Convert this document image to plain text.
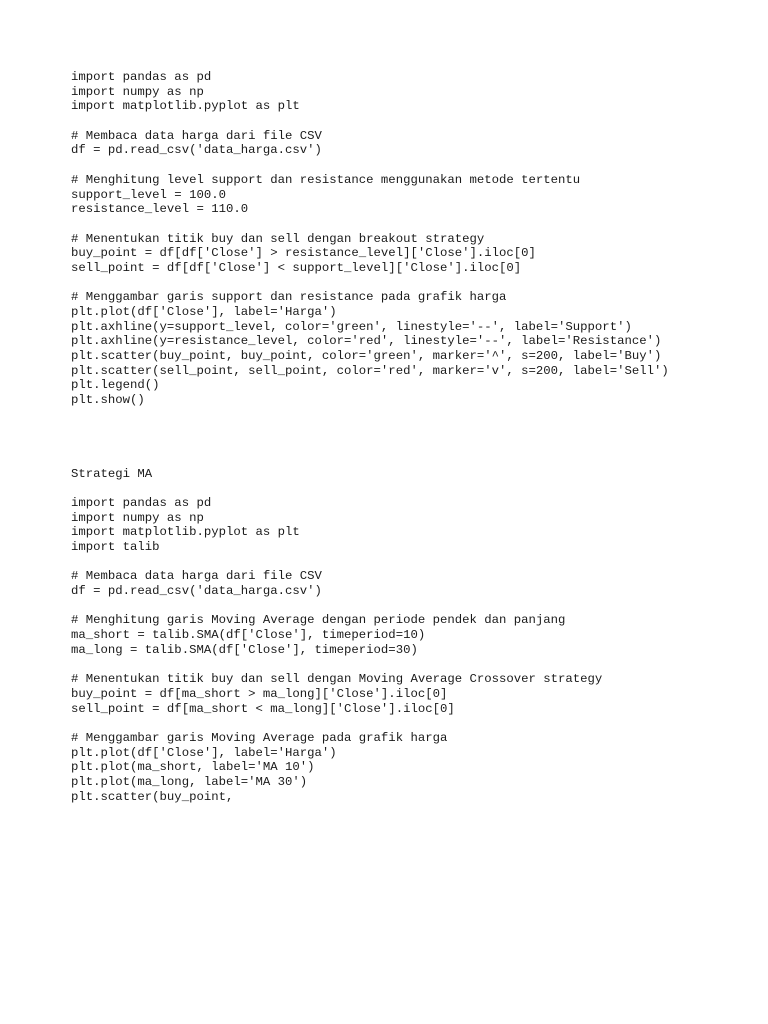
import pandas as pd
import numpy as np
import matplotlib.pyplot as plt
# Membaca data harga dari file CSV
df = pd.read_csv('data_harga.csv')
# Menghitung level support dan resistance menggunakan metode tertentu
support_level = 100.0
resistance_level = 110.0
# Menentukan titik buy dan sell dengan breakout strategy
buy_point = df[df['Close'] > resistance_level]['Close'].iloc[0]
sell_point = df[df['Close'] < support_level]['Close'].iloc[0]
# Menggambar garis support dan resistance pada grafik harga
plt.plot(df['Close'], label='Harga')
plt.axhline(y=support_level, color='green', linestyle='--', label='Support')
plt.axhline(y=resistance_level, color='red', linestyle='--', label='Resistance')
plt.scatter(buy_point, buy_point, color='green', marker='^', s=200, label='Buy')
plt.scatter(sell_point, sell_point, color='red', marker='v', s=200, label='Sell')
plt.legend()
plt.show()
Strategi MA
import pandas as pd
import numpy as np
import matplotlib.pyplot as plt
import talib
# Membaca data harga dari file CSV
df = pd.read_csv('data_harga.csv')
# Menghitung garis Moving Average dengan periode pendek dan panjang
ma_short = talib.SMA(df['Close'], timeperiod=10)
ma_long = talib.SMA(df['Close'], timeperiod=30)
# Menentukan titik buy dan sell dengan Moving Average Crossover strategy
buy_point = df[ma_short > ma_long]['Close'].iloc[0]
sell_point = df[ma_short < ma_long]['Close'].iloc[0]
# Menggambar garis Moving Average pada grafik harga
plt.plot(df['Close'], label='Harga')
plt.plot(ma_short, label='MA 10')
plt.plot(ma_long, label='MA 30')
plt.scatter(buy_point,
